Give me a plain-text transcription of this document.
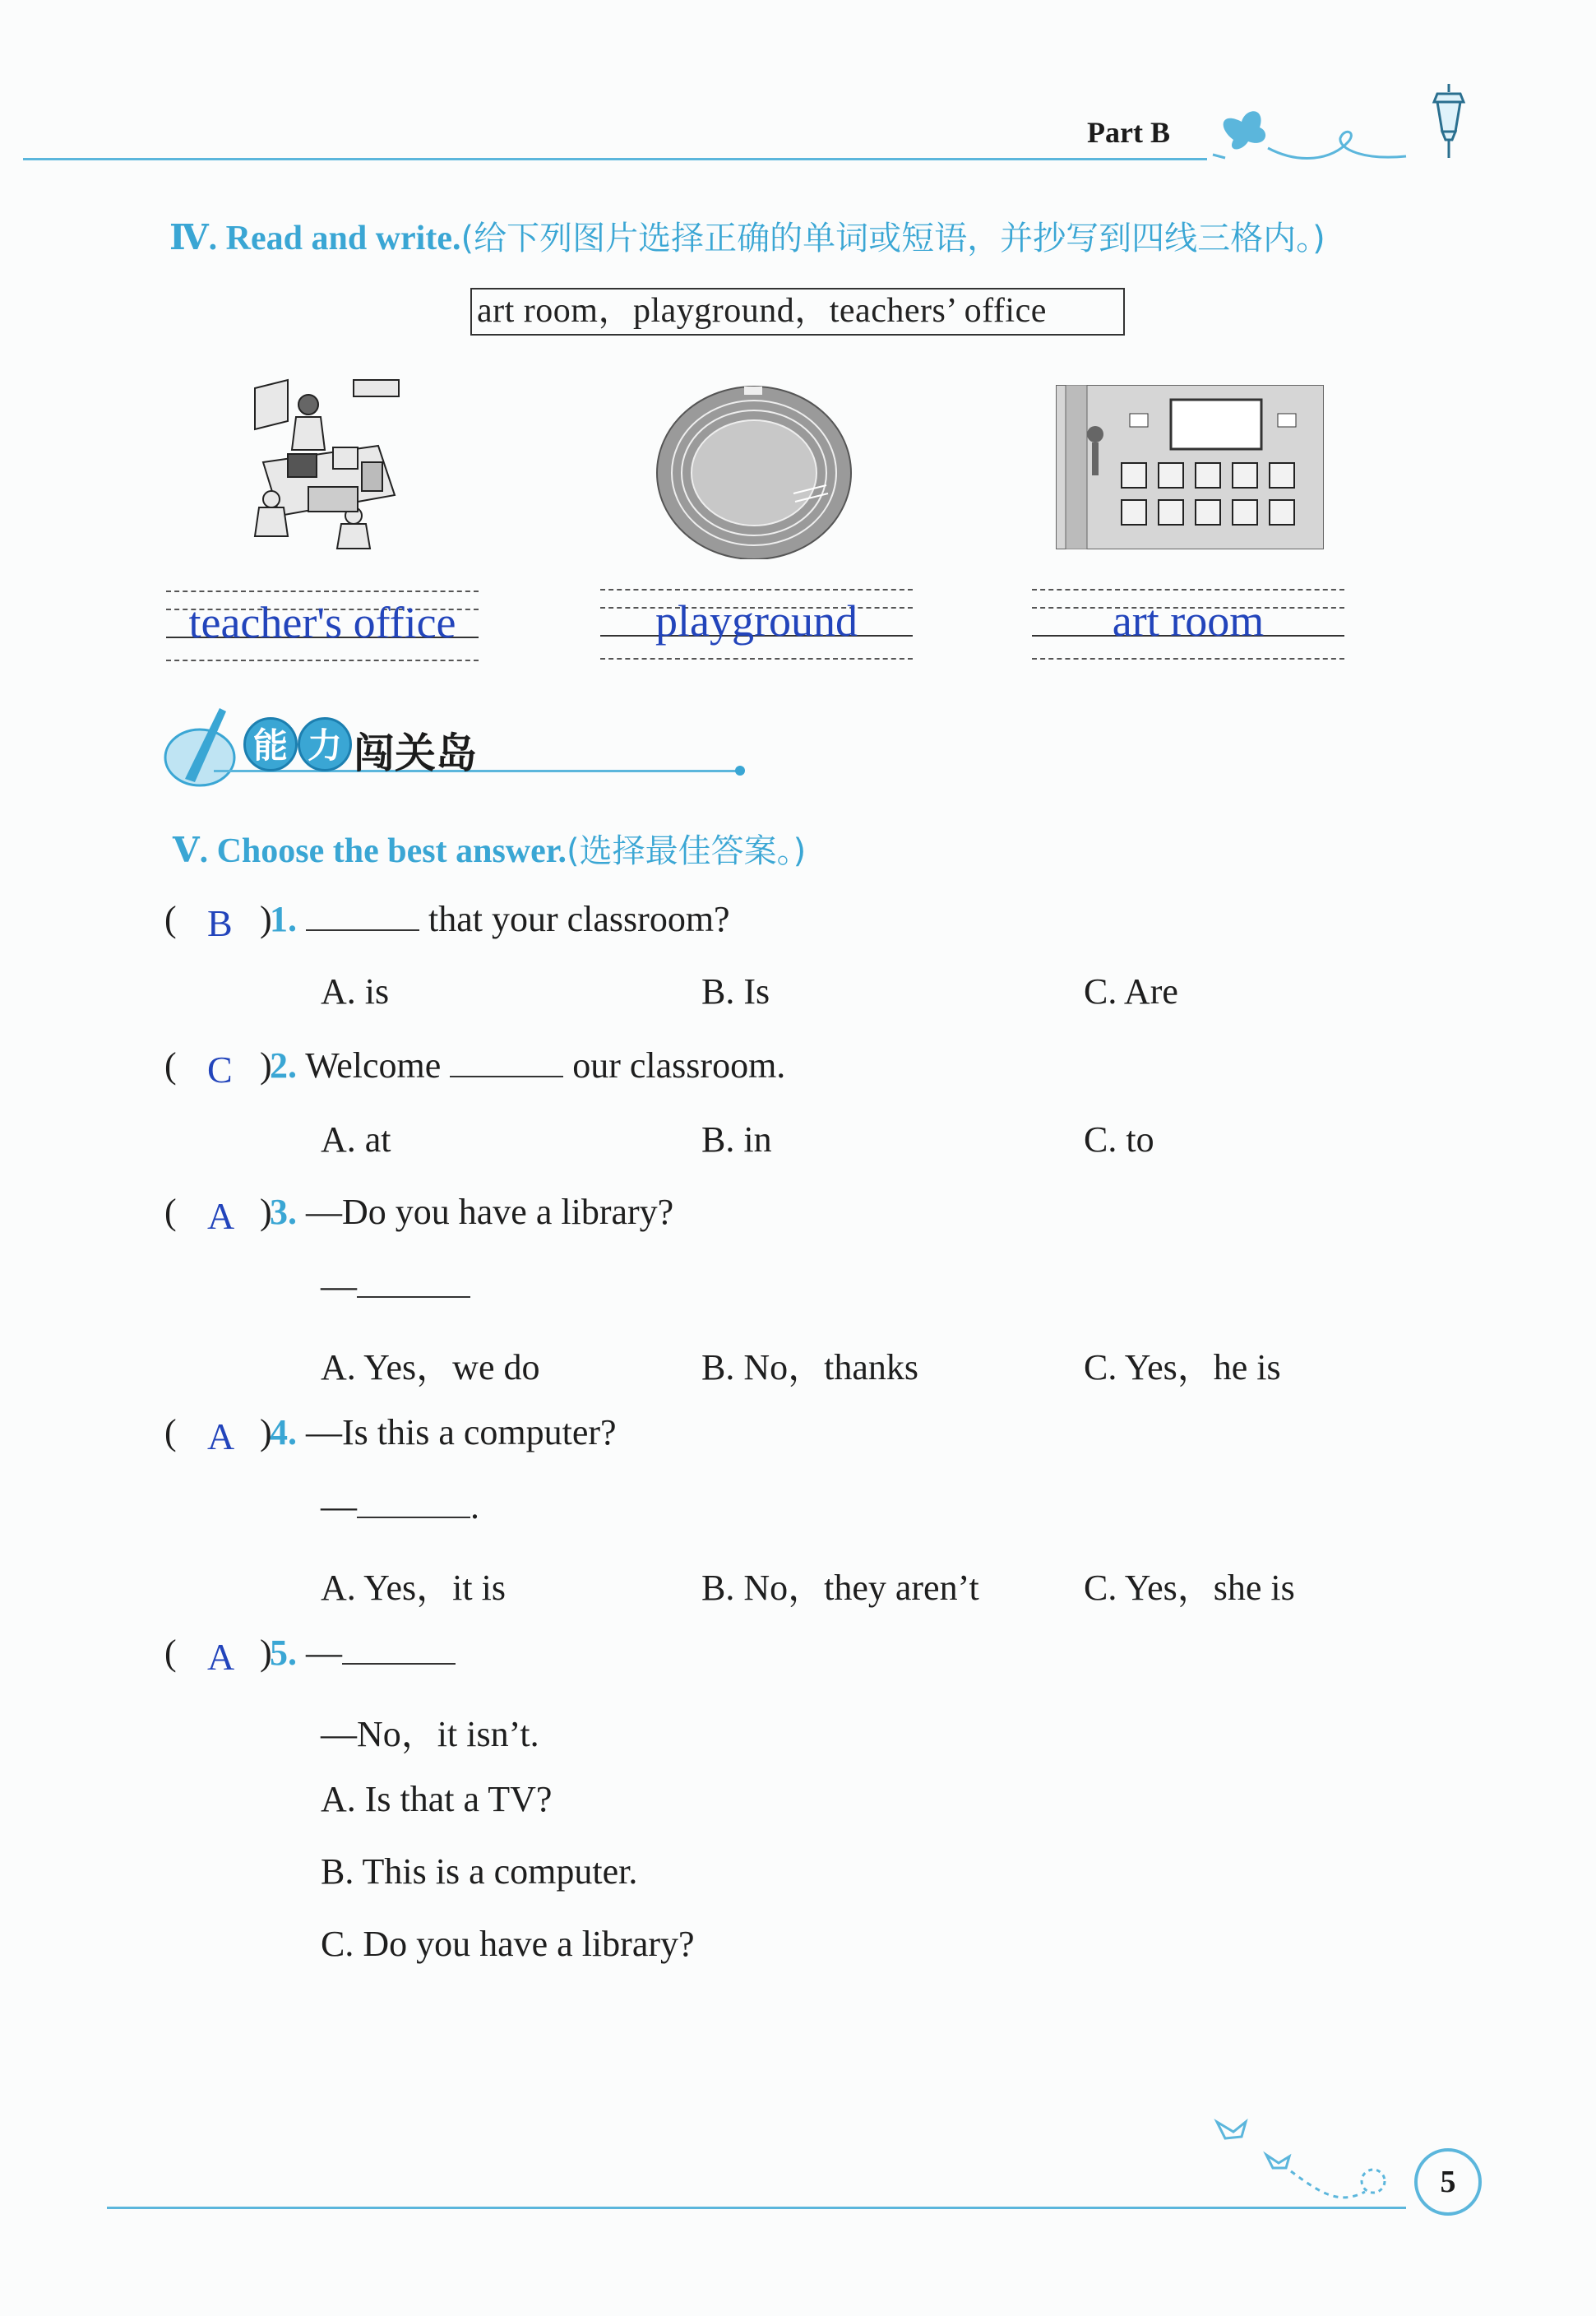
Part B
Ⅳ. Read and write.(给下列图片选择正确的单词或短语，并抄写到四线三格内。)
art room，playground，teachers’ office
teacher's office	playground	art room
能 力 闯关岛
Ⅴ. Choose the best answer.(选择最佳答案。)
( B )
1.	that your classroom?
A. is	B. Is	C. Are
( C )
2. Welcome	our classroom.
A. at	B. in	C. to
( A )
3. —Do you have a library?
—
A. Yes，we do	B. No，thanks	C. Yes，he is
( A )
4. —Is this a computer?
—	.
A. Yes，it is	B. No，they aren’t	C. Yes，she is
( A )
5. —
—No，it isn’t.
A. Is that a TV?
B. This is a computer.
C. Do you have a library?
5
